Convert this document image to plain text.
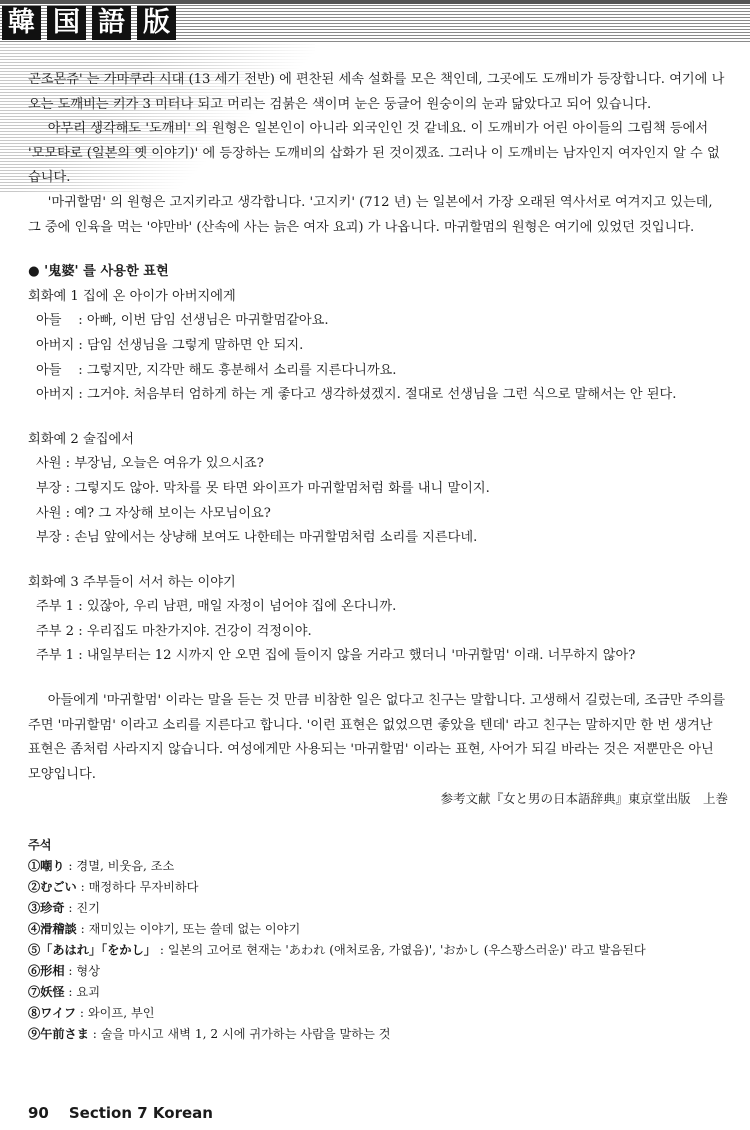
韓 国 語 版

곤조몬쥬' 는 가마쿠라 시대 (13 세기 전반) 에 편찬된 세속 설화를 모은 책인데, 그곳에도 도깨비가 등장합니다. 여기에 나오는 도깨비는 키가 3 미터나 되고 머리는 검붉은 색이며 눈은 둥글어 원숭이의 눈과 닮았다고 되어 있습니다.

아무리 생각해도 '도깨비' 의 원형은 일본인이 아니라 외국인인 것 같네요. 이 도깨비가 어린 아이들의 그림책 등에서 '모모타로 (일본의 옛 이야기)' 에 등장하는 도깨비의 삽화가 된 것이겠죠. 그러나 이 도깨비는 남자인지 여자인지 알 수 없습니다.

'마귀할멈' 의 원형은 고지키라고 생각합니다. '고지키' (712 년) 는 일본에서 가장 오래된 역사서로 여겨지고 있는데, 그 중에 인육을 먹는 '야만바' (산속에 사는 늙은 여자 요괴) 가 나옵니다. 마귀할멈의 원형은 여기에 있었던 것입니다.

● '鬼婆' 를 사용한 표현

회화예 1 집에 온 아이가 아버지에게

아들    : 아빠, 이번 담임 선생님은 마귀할멈같아요.
아버지 : 담임 선생님을 그렇게 말하면 안 되지.
아들    : 그렇지만, 지각만 해도 흥분해서 소리를 지른다니까요.
아버지 : 그거야. 처음부터 엄하게 하는 게 좋다고 생각하셨겠지. 절대로 선생님을 그런 식으로 말해서는 안 된다.

회화예 2 술집에서

사원 : 부장님, 오늘은 여유가 있으시죠?
부장 : 그렇지도 않아. 막차를 못 타면 와이프가 마귀할멈처럼 화를 내니 말이지.
사원 : 예? 그 자상해 보이는 사모님이요?
부장 : 손님 앞에서는 상냥해 보여도 나한테는 마귀할멈처럼 소리를 지른다네.

회화예 3 주부들이 서서 하는 이야기

주부 1 : 있잖아, 우리 남편, 매일 자정이 넘어야 집에 온다니까.
주부 2 : 우리집도 마찬가지야. 건강이 걱정이야.
주부 1 : 내일부터는 12 시까지 안 오면 집에 들이지 않을 거라고 했더니 '마귀할멈' 이래. 너무하지 않아?

아들에게 '마귀할멈' 이라는 말을 듣는 것 만큼 비참한 일은 없다고 친구는 말합니다. 고생해서 길렀는데, 조금만 주의를 주면 '마귀할멈' 이라고 소리를 지른다고 합니다. '이런 표현은 없었으면 좋았을 텐데' 라고 친구는 말하지만 한 번 생겨난 표현은 좀처럼 사라지지 않습니다. 여성에게만 사용되는 '마귀할멈' 이라는 표현, 사어가 되길 바라는 것은 저뿐만은 아닌 모양입니다.

参考文献『女と男の日本語辞典』東京堂出版　上巻

주석
①嘲り : 경멸, 비웃음, 조소
②むごい : 매정하다 무자비하다
③珍奇 : 진기
④滑稽談 : 재미있는 이야기, 또는 쓸데 없는 이야기
⑤「あはれ」「をかし」 : 일본의 고어로 현재는 'あわれ (애처로움, 가엾음)', 'おかし (우스꽝스러운)' 라고 발음된다
⑥形相 : 형상
⑦妖怪 : 요괴
⑧ワイフ : 와이프, 부인
⑨午前さま : 술을 마시고 새벽 1, 2 시에 귀가하는 사람을 말하는 것
90 Section 7 Korean
